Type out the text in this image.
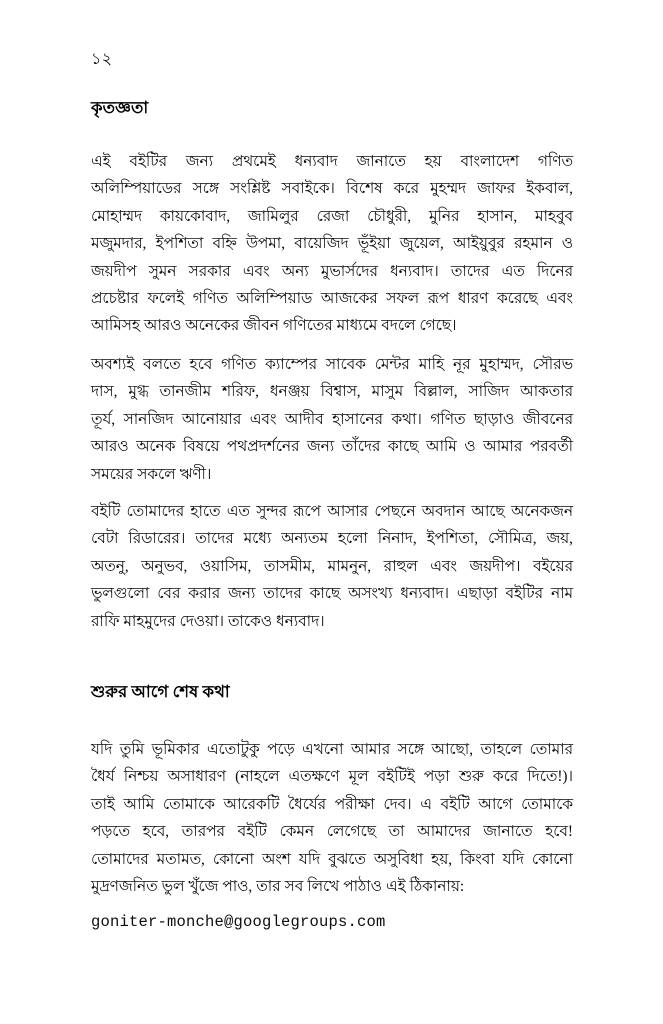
১২
কৃতজ্ঞতা
এই বইটির জন্য প্রথমেই ধন্যবাদ জানাতে হয় বাংলাদেশ গণিত
অলিম্পিয়াডের সঙ্গে সংশ্লিষ্ট সবাইকে। বিশেষ করে মুহম্মদ জাফর ইকবাল,
মোহাম্মদ কায়কোবাদ, জামিলুর রেজা চৌধুরী, মুনির হাসান, মাহবুব
মজুমদার, ইপশিতা বহ্নি উপমা, বায়েজিদ ভূঁইয়া জুয়েল, আইয়ুবুর রহমান ও
জয়দীপ সুমন সরকার এবং অন্য মুভার্সদের ধন্যবাদ। তাদের এত দিনের
প্রচেষ্টার ফলেই গণিত অলিম্পিয়াড আজকের সফল রূপ ধারণ করেছে এবং
আমিসহ আরও অনেকের জীবন গণিতের মাধ্যমে বদলে গেছে।
অবশ্যই বলতে হবে গণিত ক্যাম্পের সাবেক মেন্টর মাহি নূর মুহাম্মদ, সৌরভ
দাস, মুগ্ধ তানজীম শরিফ, ধনঞ্জয় বিশ্বাস, মাসুম বিল্লাল, সাজিদ আকতার
তূর্য, সানজিদ আনোয়ার এবং আদীব হাসানের কথা। গণিত ছাড়াও জীবনের
আরও অনেক বিষয়ে পথপ্রদর্শনের জন্য তাঁদের কাছে আমি ও আমার পরবর্তী
সময়ের সকলে ঋণী।
বইটি তোমাদের হাতে এত সুন্দর রূপে আসার পেছনে অবদান আছে অনেকজন
বেটা রিডারের। তাদের মধ্যে অন্যতম হলো নিনাদ, ইপশিতা, সৌমিত্র, জয়,
অতনু, অনুভব, ওয়াসিম, তাসমীম, মামনুন, রাহুল এবং জয়দীপ। বইয়ের
ভুলগুলো বের করার জন্য তাদের কাছে অসংখ্য ধন্যবাদ। এছাড়া বইটির নাম
রাফি মাহমুদের দেওয়া। তাকেও ধন্যবাদ।
শুরুর আগে শেষ কথা
যদি তুমি ভূমিকার এতোটুকু পড়ে এখনো আমার সঙ্গে আছো, তাহলে তোমার
ধৈর্য নিশ্চয় অসাধারণ (নাহলে এতক্ষণে মূল বইটিই পড়া শুরু করে দিতে!)।
তাই আমি তোমাকে আরেকটি ধৈর্যের পরীক্ষা দেব। এ বইটি আগে তোমাকে
পড়তে হবে, তারপর বইটি কেমন লেগেছে তা আমাদের জানাতে হবে!
তোমাদের মতামত, কোনো অংশ যদি বুঝতে অসুবিধা হয়, কিংবা যদি কোনো
মুদ্রণজনিত ভুল খুঁজে পাও, তার সব লিখে পাঠাও এই ঠিকানায়:
goniter-monche@googlegroups.com
